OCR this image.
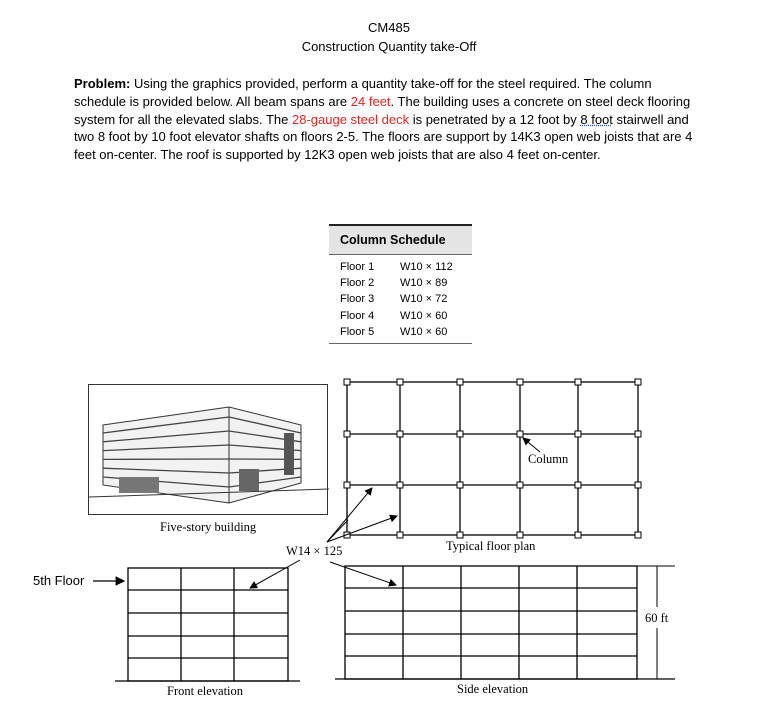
CM485
Construction Quantity take-Off
Problem: Using the graphics provided, perform a quantity take-off for the steel required. The column schedule is provided below. All beam spans are 24 feet. The building uses a concrete on steel deck flooring system for all the elevated slabs. The 28-gauge steel deck is penetrated by a 12 foot by 8 foot stairwell and two 8 foot by 10 foot elevator shafts on floors 2-5. The floors are support by 14K3 open web joists that are 4 feet on-center. The roof is supported by 12K3 open web joists that are also 4 feet on-center.
Column Schedule
Floor 1 W10 × 112
Floor 2 W10 × 89
Floor 3 W10 × 72
Floor 4 W10 × 60
Floor 5 W10 × 60
Five-story building
Column
Typical floor plan
W14 × 125
5th Floor
60 ft
Front elevation	Side elevation
